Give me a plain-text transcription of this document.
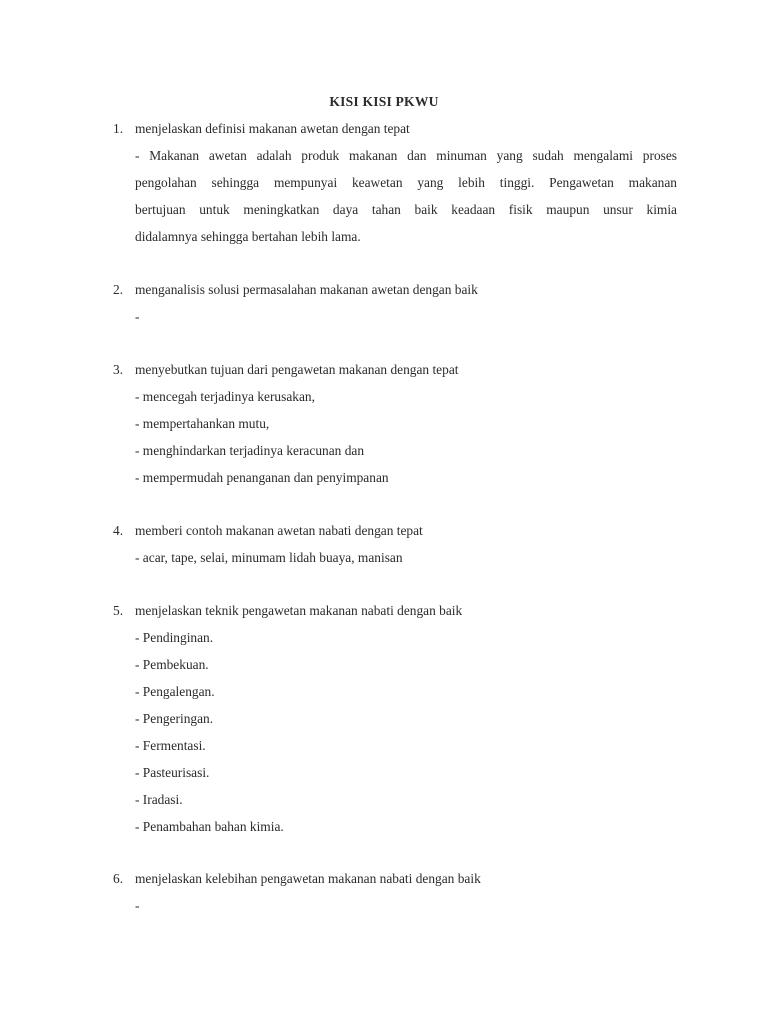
KISI KISI PKWU
1. menjelaskan definisi makanan awetan dengan tepat
- Makanan awetan adalah produk makanan dan minuman yang sudah mengalami proses
pengolahan sehingga mempunyai keawetan yang lebih tinggi. Pengawetan makanan
bertujuan untuk meningkatkan daya tahan baik keadaan fisik maupun unsur kimia
didalamnya sehingga bertahan lebih lama.
2. menganalisis solusi permasalahan makanan awetan dengan baik
-
3. menyebutkan tujuan dari pengawetan makanan dengan tepat
- mencegah terjadinya kerusakan,
- mempertahankan mutu,
- menghindarkan terjadinya keracunan dan
- mempermudah penanganan dan penyimpanan
4. memberi contoh makanan awetan nabati dengan tepat
- acar, tape, selai, minumam lidah buaya, manisan
5. menjelaskan teknik pengawetan makanan nabati dengan baik
- Pendinginan.
- Pembekuan.
- Pengalengan.
- Pengeringan.
- Fermentasi.
- Pasteurisasi.
- Iradasi.
- Penambahan bahan kimia.
6. menjelaskan kelebihan pengawetan makanan nabati dengan baik
-
